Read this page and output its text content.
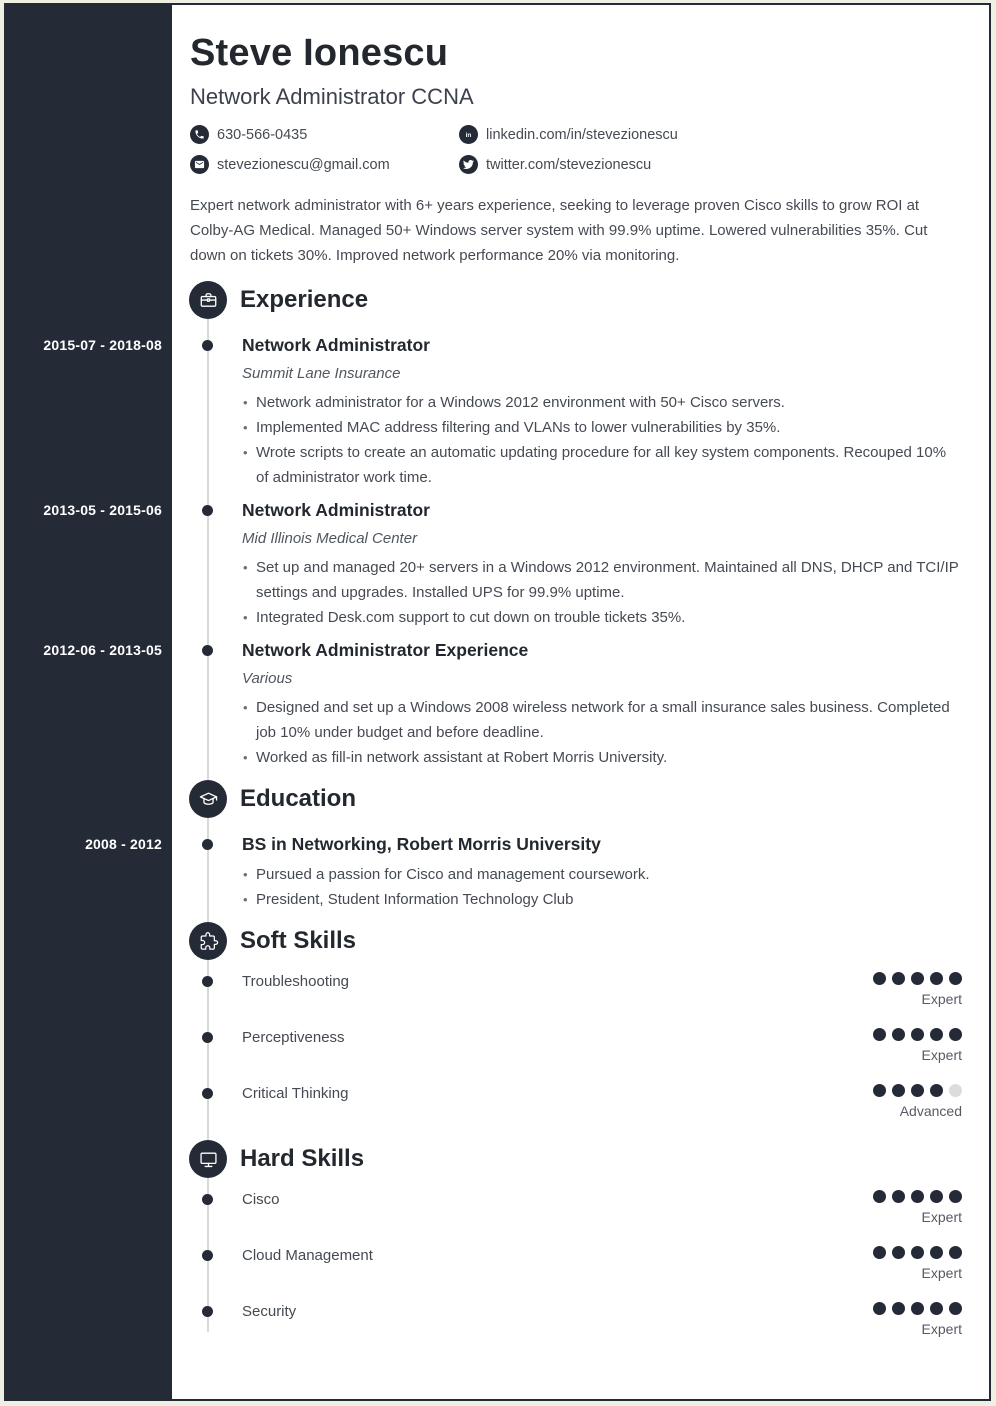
2015-07 - 2018-08
2013-05 - 2015-06
2012-06 - 2013-05
2008 - 2012
Steve Ionescu
Network Administrator CCNA
630-566-0435	in linkedin.com/in/stevezionescu
stevezionescu@gmail.com	twitter.com/stevezionescu

Expert network administrator with 6+ years experience, seeking to leverage proven Cisco skills to grow ROI at Colby-AG Medical. Managed 50+ Windows server system with 99.9% uptime. Lowered vulnerabilities 35%. Cut down on tickets 30%. Improved network performance 20% via monitoring.

Experience
Network Administrator
Summit Lane Insurance
• Network administrator for a Windows 2012 environment with 50+ Cisco servers.
• Implemented MAC address filtering and VLANs to lower vulnerabilities by 35%.
• Wrote scripts to create an automatic updating procedure for all key system components. Recouped 10% of administrator work time.
Network Administrator
Mid Illinois Medical Center
• Set up and managed 20+ servers in a Windows 2012 environment. Maintained all DNS, DHCP and TCI/IP settings and upgrades. Installed UPS for 99.9% uptime.
• Integrated Desk.com support to cut down on trouble tickets 35%.
Network Administrator Experience
Various
• Designed and set up a Windows 2008 wireless network for a small insurance sales business. Completed job 10% under budget and before deadline.
• Worked as fill-in network assistant at Robert Morris University.
Education
BS in Networking, Robert Morris University
• Pursued a passion for Cisco and management coursework.
• President, Student Information Technology Club
Soft Skills
Troubleshooting
Expert
Perceptiveness
Expert
Critical Thinking
Advanced
Hard Skills
Cisco
Expert
Cloud Management
Expert
Security
Expert
